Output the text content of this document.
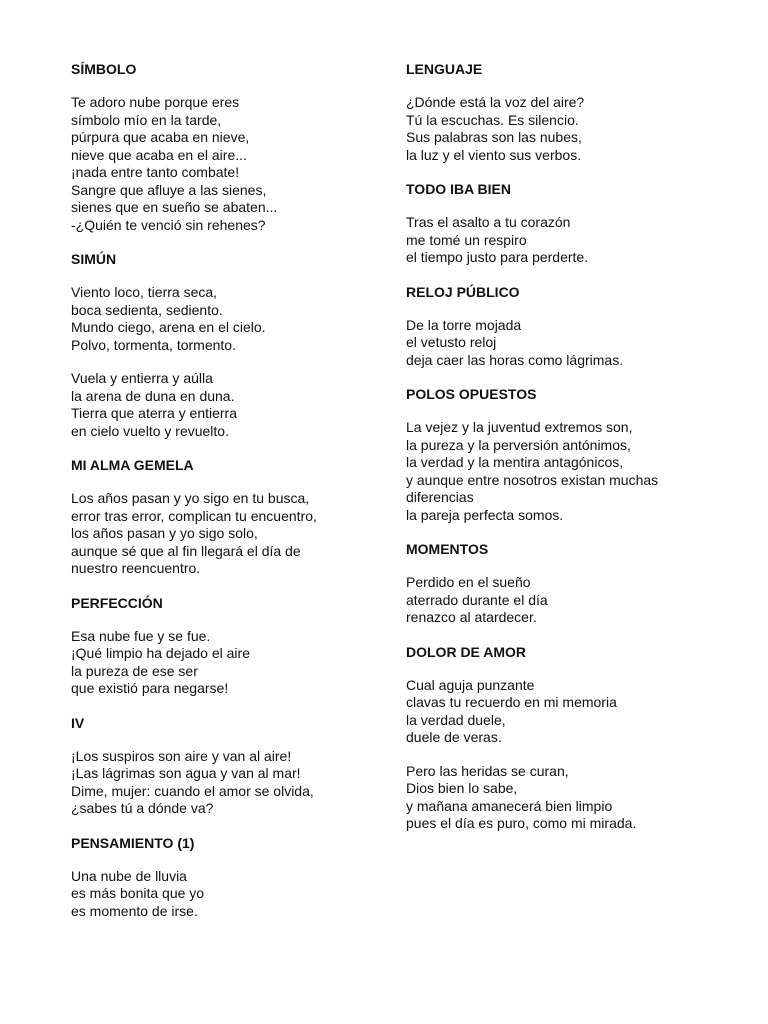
SÍMBOLO
Te adoro nube porque eres
símbolo mío en la tarde,
púrpura que acaba en nieve,
nieve que acaba en el aire...
¡nada entre tanto combate!
Sangre que afluye a las sienes,
sienes que en sueño se abaten...
-¿Quién te venció sin rehenes?
SIMÚN
Viento loco, tierra seca,
boca sedienta, sediento.
Mundo ciego, arena en el cielo.
Polvo, tormenta, tormento.
Vuela y entierra y aúlla
la arena de duna en duna.
Tierra que aterra y entierra
en cielo vuelto y revuelto.
MI ALMA GEMELA
Los años pasan y yo sigo en tu busca,
error tras error, complican tu encuentro,
los años pasan y yo sigo solo,
aunque sé que al fin llegará el día de
nuestro reencuentro.
PERFECCIÓN
Esa nube fue y se fue.
¡Qué limpio ha dejado el aire
la pureza de ese ser
que existió para negarse!
IV
¡Los suspiros son aire y van al aire!
¡Las lágrimas son agua y van al mar!
Dime, mujer: cuando el amor se olvida,
¿sabes tú a dónde va?
PENSAMIENTO (1)
Una nube de lluvia
es más bonita que yo
es momento de irse.
LENGUAJE
¿Dónde está la voz del aire?
Tú la escuchas. Es silencio.
Sus palabras son las nubes,
la luz y el viento sus verbos.
TODO IBA BIEN
Tras el asalto a tu corazón
me tomé un respiro
el tiempo justo para perderte.
RELOJ PÚBLICO
De la torre mojada
el vetusto reloj
deja caer las horas como lágrimas.
POLOS OPUESTOS
La vejez y la juventud extremos son,
la pureza y la perversión antónimos,
la verdad y la mentira antagónicos,
y aunque entre nosotros existan muchas
diferencias
la pareja perfecta somos.
MOMENTOS
Perdido en el sueño
aterrado durante el día
renazco al atardecer.
DOLOR DE AMOR
Cual aguja punzante
clavas tu recuerdo en mi memoria
la verdad duele,
duele de veras.
Pero las heridas se curan,
Dios bien lo sabe,
y mañana amanecerá bien limpio
pues el día es puro, como mi mirada.
